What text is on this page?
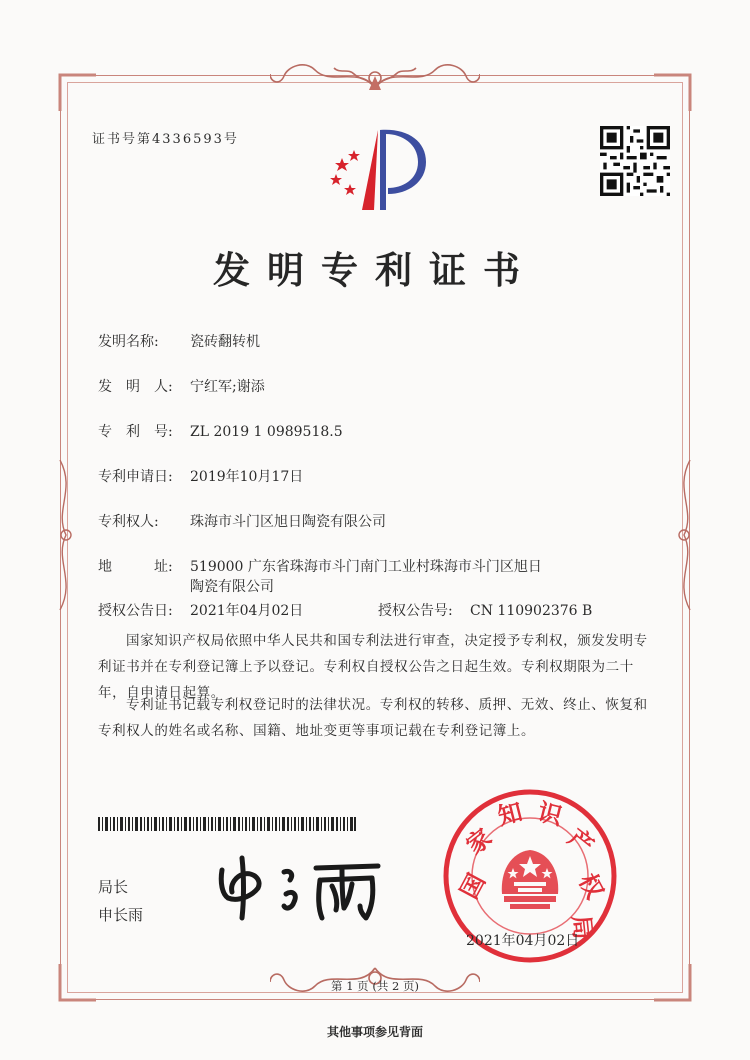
证书号第4336593号
发明专利证书
发明名称: 瓷砖翻转机
发　明　人: 宁红军;谢添
专　利　号: ZL 2019 1 0989518.5
专利申请日: 2019年10月17日
专利权人: 珠海市斗门区旭日陶瓷有限公司
地　　　址: 519000 广东省珠海市斗门南门工业村珠海市斗门区旭日
陶瓷有限公司
授权公告日: 2021年04月02日	授权公告号: CN 110902376 B
国家知识产权局依照中华人民共和国专利法进行审查，决定授予专利权，颁发发明专利证书并在专利登记簿上予以登记。专利权自授权公告之日起生效。专利权期限为二十年，自申请日起算。
专利证书记载专利权登记时的法律状况。专利权的转移、质押、无效、终止、恢复和专利权人的姓名或名称、国籍、地址变更等事项记载在专利登记簿上。
局长
申长雨
国
家
知 识
产
权
局
2021年04月02日
第 1 页 (共 2 页)
其他事项参见背面
